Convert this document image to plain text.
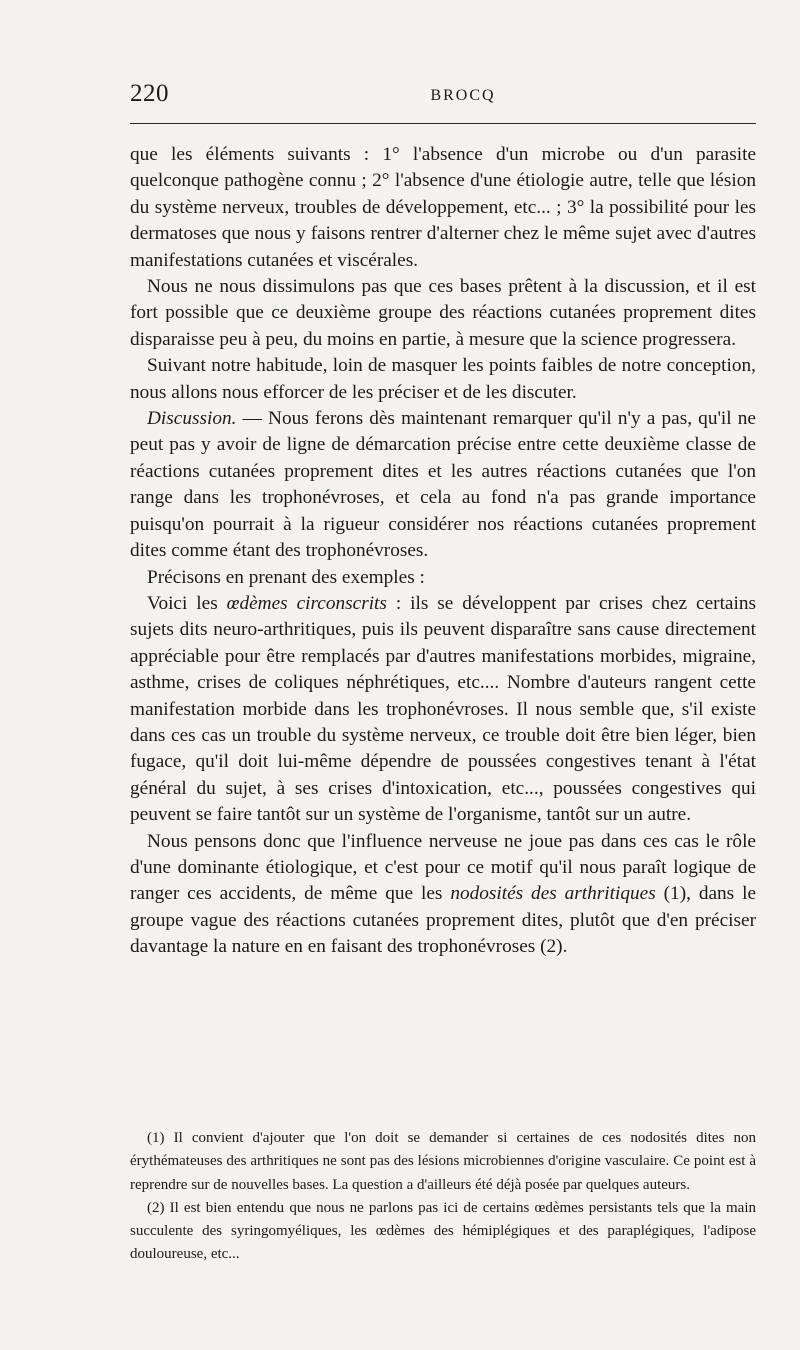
220	BROCQ

que les éléments suivants : 1° l'absence d'un microbe ou d'un parasite quelconque pathogène connu ; 2° l'absence d'une étiologie autre, telle que lésion du système nerveux, troubles de développement, etc... ; 3° la possibilité pour les dermatoses que nous y faisons rentrer d'alterner chez le même sujet avec d'autres manifestations cutanées et viscérales.

Nous ne nous dissimulons pas que ces bases prêtent à la discussion, et il est fort possible que ce deuxième groupe des réactions cutanées proprement dites disparaisse peu à peu, du moins en partie, à mesure que la science progressera.

Suivant notre habitude, loin de masquer les points faibles de notre conception, nous allons nous efforcer de les préciser et de les discuter.

Discussion. — Nous ferons dès maintenant remarquer qu'il n'y a pas, qu'il ne peut pas y avoir de ligne de démarcation précise entre cette deuxième classe de réactions cutanées proprement dites et les autres réactions cutanées que l'on range dans les trophonévroses, et cela au fond n'a pas grande importance puisqu'on pourrait à la rigueur considérer nos réactions cutanées proprement dites comme étant des trophonévroses.

Précisons en prenant des exemples :

Voici les œdèmes circonscrits : ils se développent par crises chez certains sujets dits neuro-arthritiques, puis ils peuvent disparaître sans cause directement appréciable pour être remplacés par d'autres manifestations morbides, migraine, asthme, crises de coliques néphrétiques, etc.... Nombre d'auteurs rangent cette manifestation morbide dans les trophonévroses. Il nous semble que, s'il existe dans ces cas un trouble du système nerveux, ce trouble doit être bien léger, bien fugace, qu'il doit lui-même dépendre de poussées congestives tenant à l'état général du sujet, à ses crises d'intoxication, etc..., poussées congestives qui peuvent se faire tantôt sur un système de l'organisme, tantôt sur un autre.

Nous pensons donc que l'influence nerveuse ne joue pas dans ces cas le rôle d'une dominante étiologique, et c'est pour ce motif qu'il nous paraît logique de ranger ces accidents, de même que les nodosités des arthritiques (1), dans le groupe vague des réactions cutanées proprement dites, plutôt que d'en préciser davantage la nature en en faisant des trophonévroses (2).

(1) Il convient d'ajouter que l'on doit se demander si certaines de ces nodosités dites non érythémateuses des arthritiques ne sont pas des lésions microbiennes d'origine vasculaire. Ce point est à reprendre sur de nouvelles bases. La question a d'ailleurs été déjà posée par quelques auteurs.

(2) Il est bien entendu que nous ne parlons pas ici de certains œdèmes persistants tels que la main succulente des syringomyéliques, les œdèmes des hémiplégiques et des paraplégiques, l'adipose douloureuse, etc...
